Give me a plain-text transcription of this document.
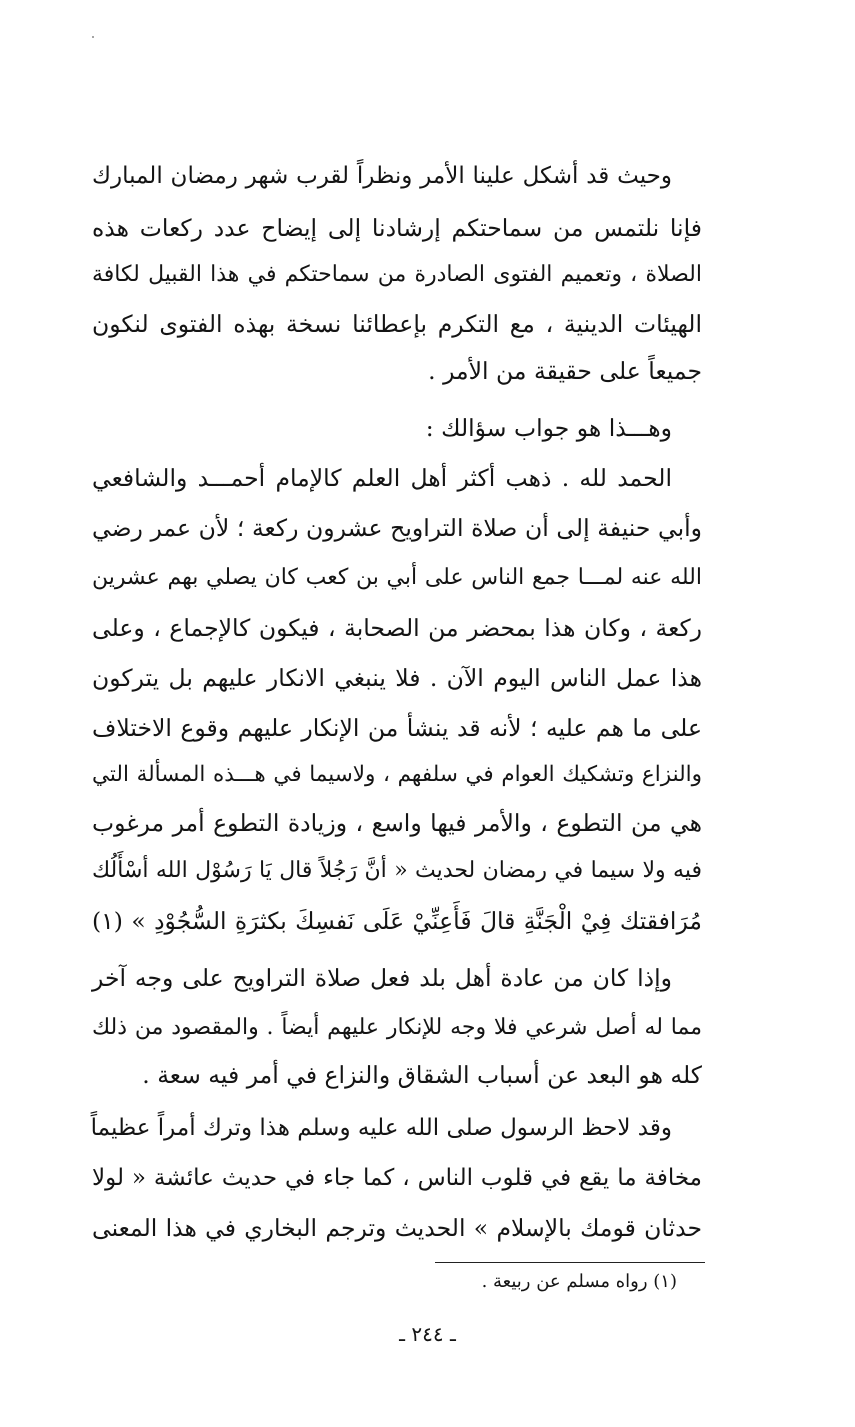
وحيث قد أشكل علينا الأمر ونظراً لقرب شهر رمضان المبارك
فإنا نلتمس من سماحتكم إرشادنا إلى إيضاح عدد ركعات هذه
الصلاة ، وتعميم الفتوى الصادرة من سماحتكم في هذا القبيل لكافة
الهيئات الدينية ، مع التكرم بإعطائنا نسخة بهذه الفتوى لنكون
جميعاً على حقيقة من الأمر .
وهـــذا هو جواب سؤالك :
الحمد لله . ذهب أكثر أهل العلم كالإمام أحمـــد والشافعي
وأبي حنيفة إلى أن صلاة التراويح عشرون ركعة ؛ لأن عمر رضي
الله عنه لمـــا جمع الناس على أبي بن كعب كان يصلي بهم عشرين
ركعة ، وكان هذا بمحضر من الصحابة ، فيكون كالإجماع ، وعلى
هذا عمل الناس اليوم الآن . فلا ينبغي الانكار عليهم بل يتركون
على ما هم عليه ؛ لأنه قد ينشأ من الإنكار عليهم وقوع الاختلاف
والنزاع وتشكيك العوام في سلفهم ، ولاسيما في هـــذه المسألة التي
هي من التطوع ، والأمر فيها واسع ، وزيادة التطوع أمر مرغوب
فيه ولا سيما في رمضان لحديث « أنَّ رَجُلاً قال يَا رَسُوْل الله أسْأَلُك
مُرَافقتك فِيْ الْجَنَّةِ قالَ فَأَعِنِّيْ عَلَى نَفسِكَ بكثرَةِ السُّجُوْدِ » (١)
وإذا كان من عادة أهل بلد فعل صلاة التراويح على وجه آخر
مما له أصل شرعي فلا وجه للإنكار عليهم أيضاً . والمقصود من ذلك
كله هو البعد عن أسباب الشقاق والنزاع في أمر فيه سعة .
وقد لاحظ الرسول صلى الله عليه وسلم هذا وترك أمراً عظيماً
مخافة ما يقع في قلوب الناس ، كما جاء في حديث عائشة « لولا
حدثان قومك بالإسلام » الحديث وترجم البخاري في هذا المعنى
(١) رواه مسلم عن ربيعة .
ـ ٢٤٤ ـ
